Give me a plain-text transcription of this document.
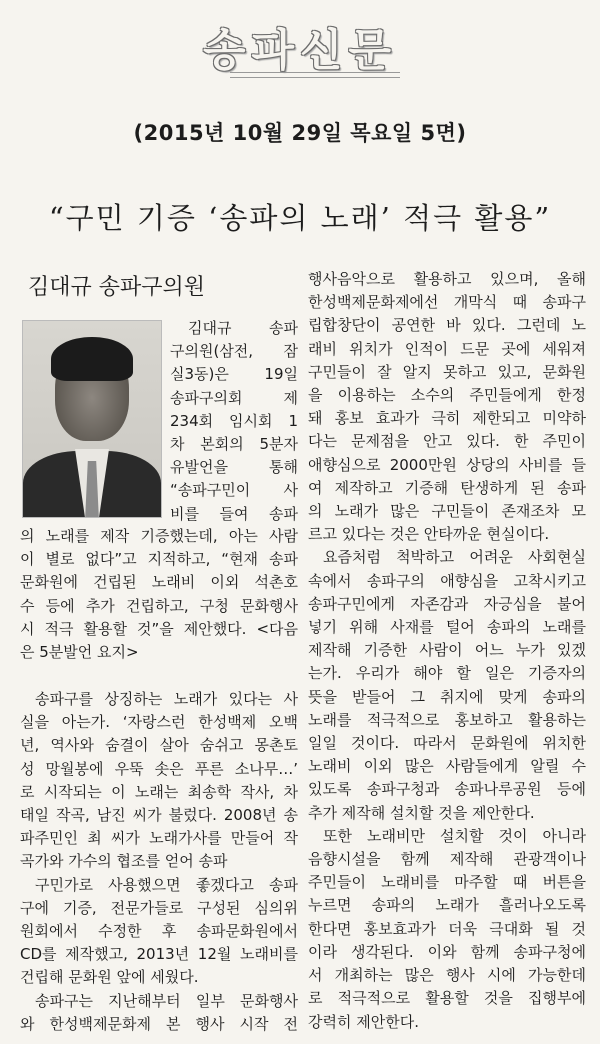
송파신문
(2015년 10월 29일 목요일 5면)
“구민 기증 ‘송파의 노래’ 적극 활용”
김대규 송파구의원
김대규 송파
구의원(삼전, 잠
실3동)은 19일
송파구의회 제
234회 임시회 1
차 본회의 5분자
유발언을 통해
“송파구민이 사
비를 들여 송파
의 노래를 제작 기증했는데, 아는 사람
이 별로 없다”고 지적하고, “현재 송파
문화원에 건립된 노래비 이외 석촌호
수 등에 추가 건립하고, 구청 문화행사
시 적극 활용할 것”을 제안했다. <다음
은 5분발언 요지>
송파구를 상징하는 노래가 있다는 사
실을 아는가. ‘자랑스런 한성백제 오백
년, 역사와 숨결이 살아 숨쉬고 몽촌토
성 망월봉에 우뚝 솟은 푸른 소나무…’
로 시작되는 이 노래는 최송학 작사, 차
태일 작곡, 남진 씨가 불렀다. 2008년 송
파주민인 최 씨가 노래가사를 만들어 작
곡가와 가수의 협조를 얻어 송파
구민가로 사용했으면 좋겠다고 송파
구에 기증, 전문가들로 구성된 심의위
원회에서 수정한 후 송파문화원에서
CD를 제작했고, 2013년 12월 노래비를
건립해 문화원 앞에 세웠다.
송파구는 지난해부터 일부 문화행사
와 한성백제문화제 본 행사 시작 전
행사음악으로 활용하고 있으며, 올해
한성백제문화제에선 개막식 때 송파구
립합창단이 공연한 바 있다. 그런데 노
래비 위치가 인적이 드문 곳에 세워져
구민들이 잘 알지 못하고 있고, 문화원
을 이용하는 소수의 주민들에게 한정
돼 홍보 효과가 극히 제한되고 미약하
다는 문제점을 안고 있다. 한 주민이
애향심으로 2000만원 상당의 사비를 들
여 제작하고 기증해 탄생하게 된 송파
의 노래가 많은 구민들이 존재조차 모
르고 있다는 것은 안타까운 현실이다.
요즘처럼 척박하고 어려운 사회현실
속에서 송파구의 애향심을 고착시키고
송파구민에게 자존감과 자긍심을 불어
넣기 위해 사재를 털어 송파의 노래를
제작해 기증한 사람이 어느 누가 있겠
는가. 우리가 해야 할 일은 기증자의
뜻을 받들어 그 취지에 맞게 송파의
노래를 적극적으로 홍보하고 활용하는
일일 것이다. 따라서 문화원에 위치한
노래비 이외 많은 사람들에게 알릴 수
있도록 송파구청과 송파나루공원 등에
추가 제작해 설치할 것을 제안한다.
또한 노래비만 설치할 것이 아니라
음향시설을 함께 제작해 관광객이나
주민들이 노래비를 마주할 때 버튼을
누르면 송파의 노래가 흘러나오도록
한다면 홍보효과가 더욱 극대화 될 것
이라 생각된다. 이와 함께 송파구청에
서 개최하는 많은 행사 시에 가능한데
로 적극적으로 활용할 것을 집행부에
강력히 제안한다.
